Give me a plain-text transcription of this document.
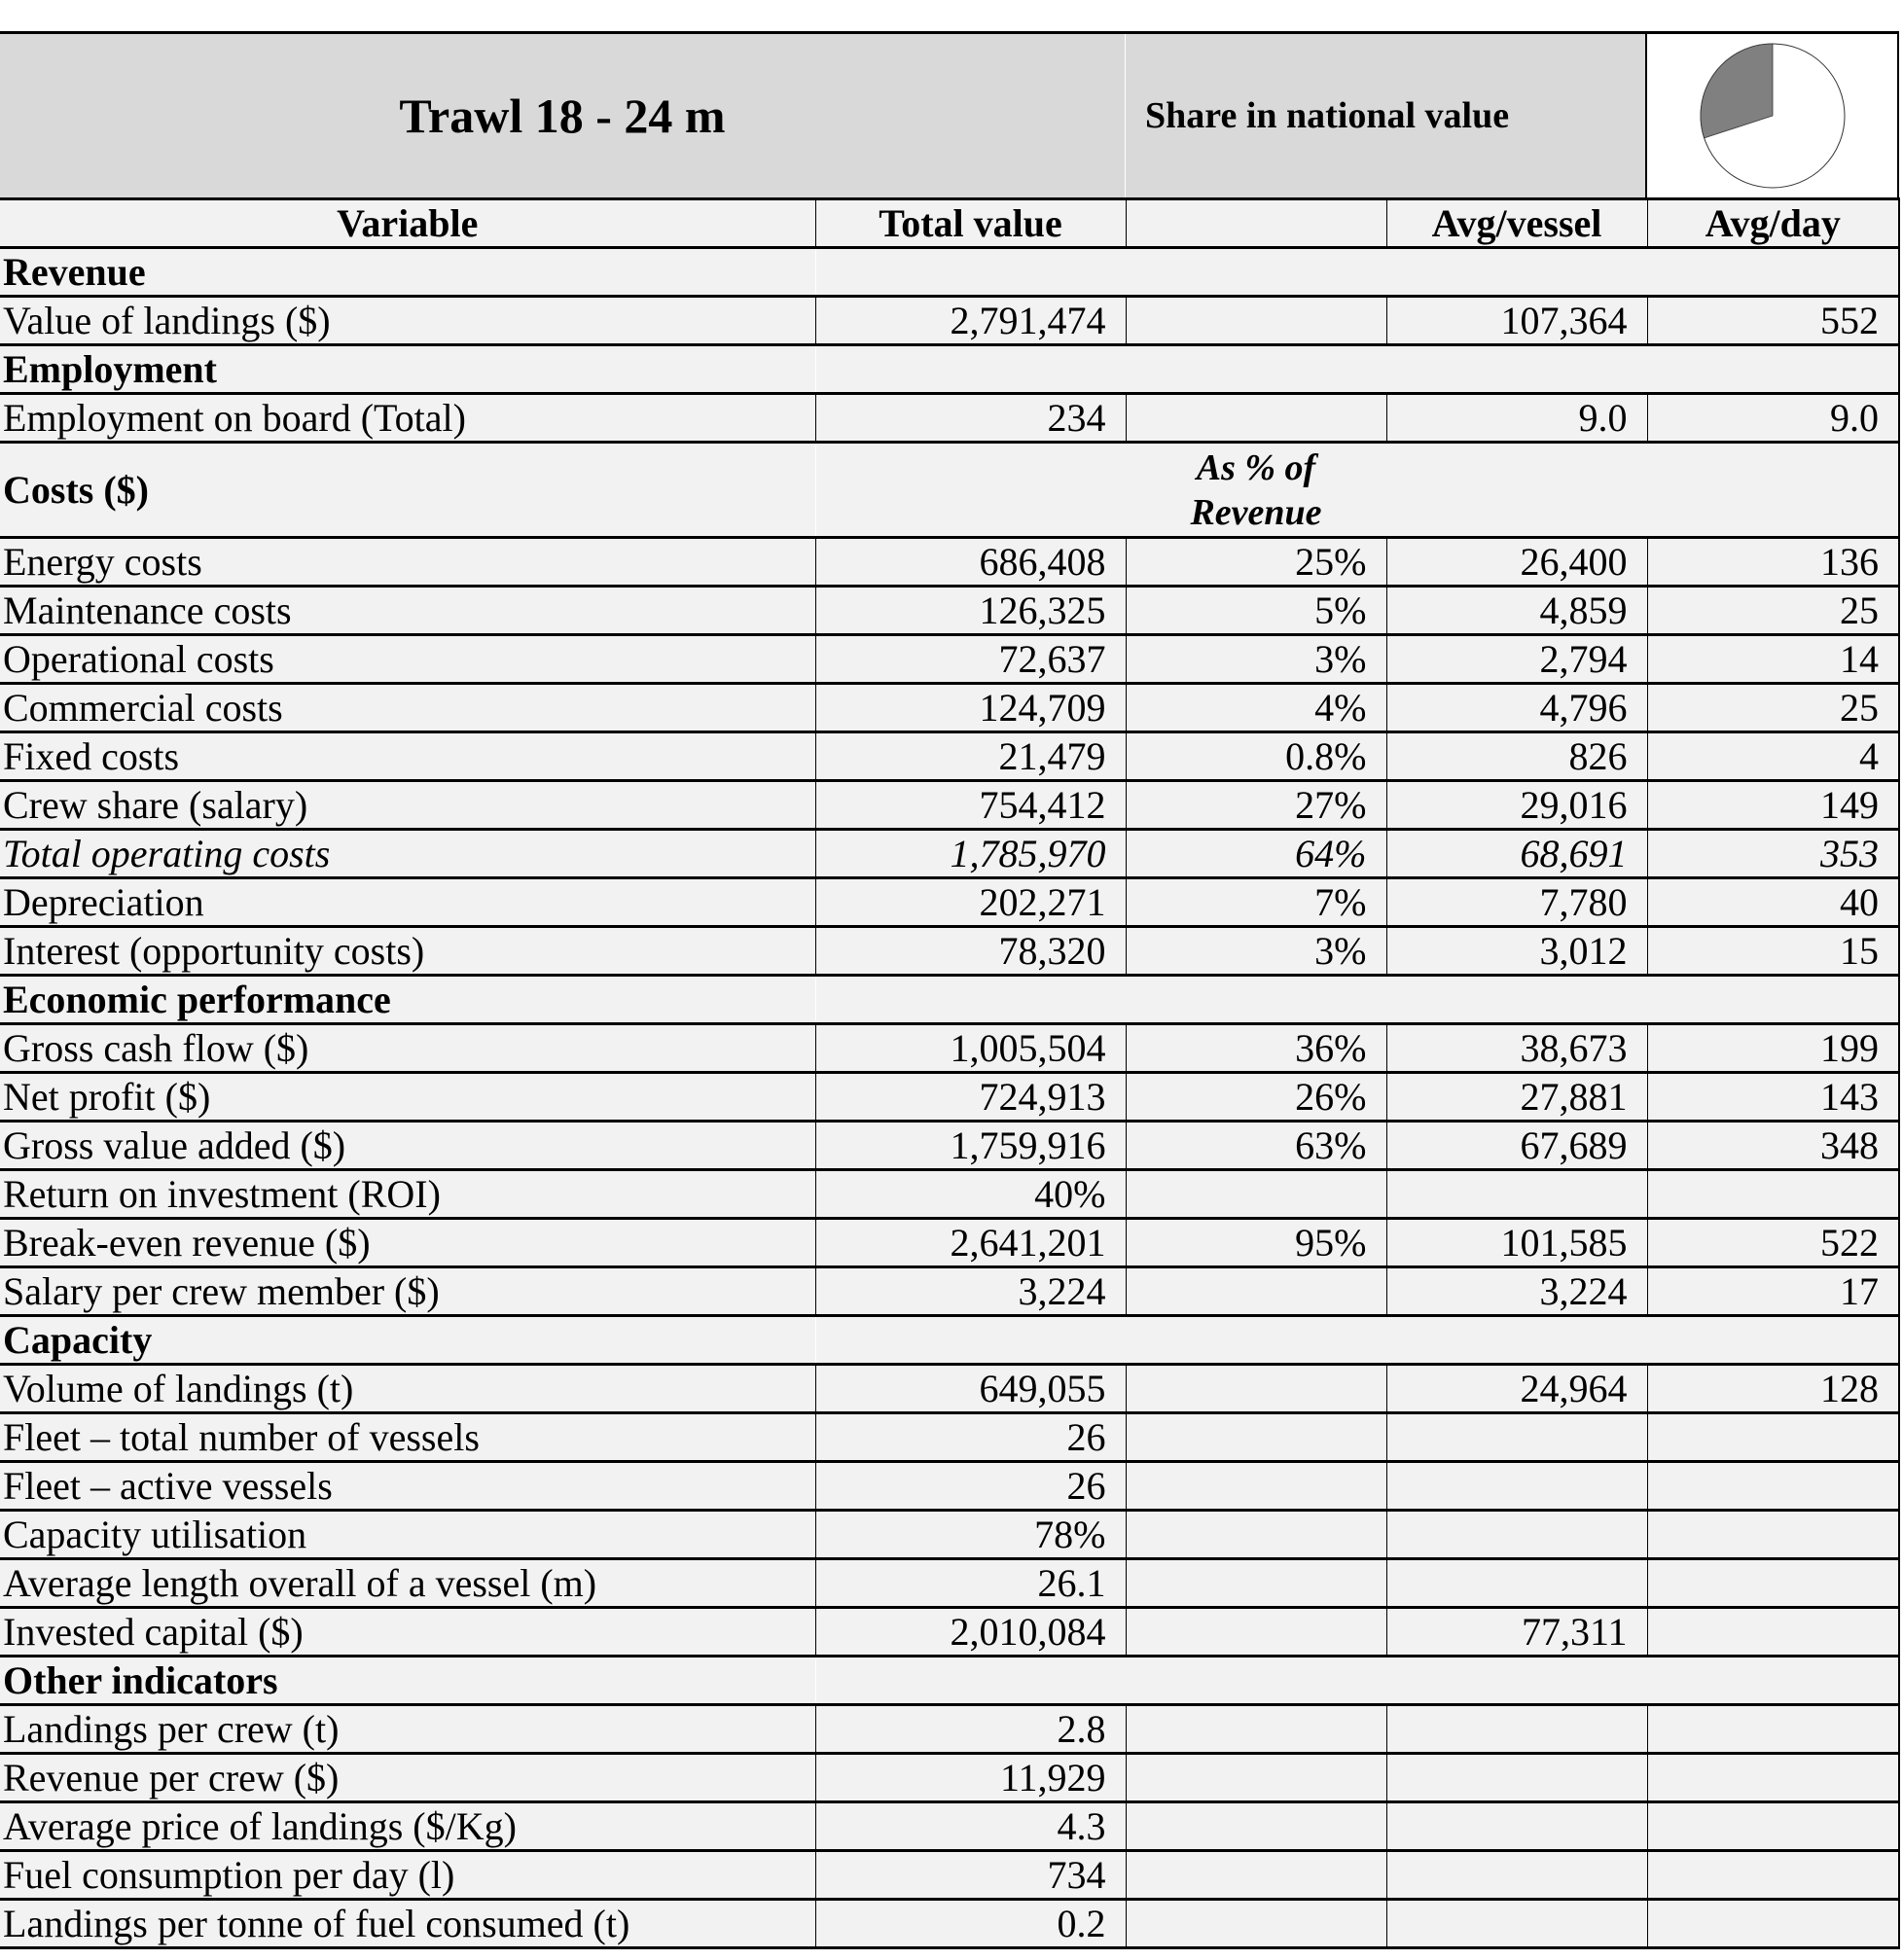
Trawl 18 - 24 m	Share in national value
Variable	Total value		Avg/vessel	Avg/day
Revenue				
Value of landings ($)	2,791,474		107,364	552
Employment				
Employment on board (Total)	234		9.0	9.0
Costs ($)		As % of
Revenue		

Energy costs	686,408	25%	26,400	136
Maintenance costs	126,325	5%	4,859	25
Operational costs	72,637	3%	2,794	14
Commercial costs	124,709	4%	4,796	25
Fixed costs	21,479	0.8%	826	4
Crew share (salary)	754,412	27%	29,016	149
Total operating costs	1,785,970	64%	68,691	353
Depreciation	202,271	7%	7,780	40
Interest (opportunity costs)	78,320	3%	3,012	15
Economic performance				
Gross cash flow ($)	1,005,504	36%	38,673	199
Net profit ($)	724,913	26%	27,881	143
Gross value added ($)	1,759,916	63%	67,689	348
Return on investment (ROI)	40%			
Break-even revenue ($)	2,641,201	95%	101,585	522
Salary per crew member ($)	3,224		3,224	17
Capacity				
Volume of landings (t)	649,055		24,964	128
Fleet – total number of vessels	26			
Fleet – active vessels	26			
Capacity utilisation	78%			
Average length overall of a vessel (m)	26.1			
Invested capital ($)	2,010,084		77,311	
Other indicators				
Landings per crew (t)	2.8			
Revenue per crew ($)	11,929			
Average price of landings ($/Kg)	4.3			
Fuel consumption per day (l)	734			
Landings per tonne of fuel consumed (t)	0.2			
